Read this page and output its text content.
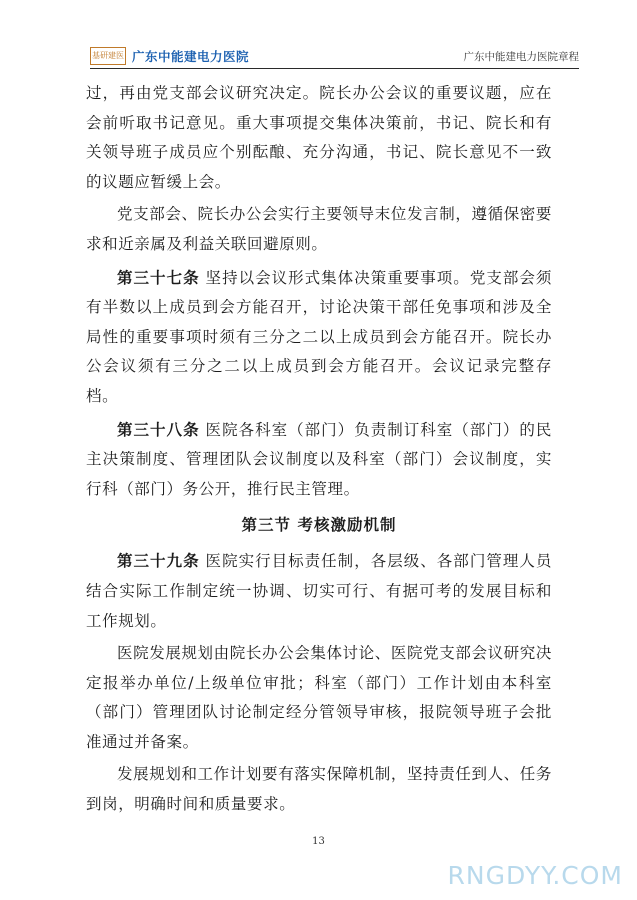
基研建医 广东中能建电力医院	广东中能建电力医院章程

过，再由党支部会议研究决定。院长办公会议的重要议题，应在会前听取书记意见。重大事项提交集体决策前，书记、院长和有关领导班子成员应个别酝酿、充分沟通，书记、院长意见不一致的议题应暂缓上会。

党支部会、院长办公会实行主要领导末位发言制，遵循保密要求和近亲属及利益关联回避原则。

第三十七条 坚持以会议形式集体决策重要事项。党支部会须有半数以上成员到会方能召开，讨论决策干部任免事项和涉及全局性的重要事项时须有三分之二以上成员到会方能召开。院长办公会议须有三分之二以上成员到会方能召开。会议记录完整存档。

第三十八条 医院各科室（部门）负责制订科室（部门）的民主决策制度、管理团队会议制度以及科室（部门）会议制度，实行科（部门）务公开，推行民主管理。

第三节 考核激励机制

第三十九条 医院实行目标责任制，各层级、各部门管理人员结合实际工作制定统一协调、切实可行、有据可考的发展目标和工作规划。

医院发展规划由院长办公会集体讨论、医院党支部会议研究决定报举办单位/上级单位审批；科室（部门）工作计划由本科室（部门）管理团队讨论制定经分管领导审核，报院领导班子会批准通过并备案。

发展规划和工作计划要有落实保障机制，坚持责任到人、任务到岗，明确时间和质量要求。

13
RNGDYY.COM
